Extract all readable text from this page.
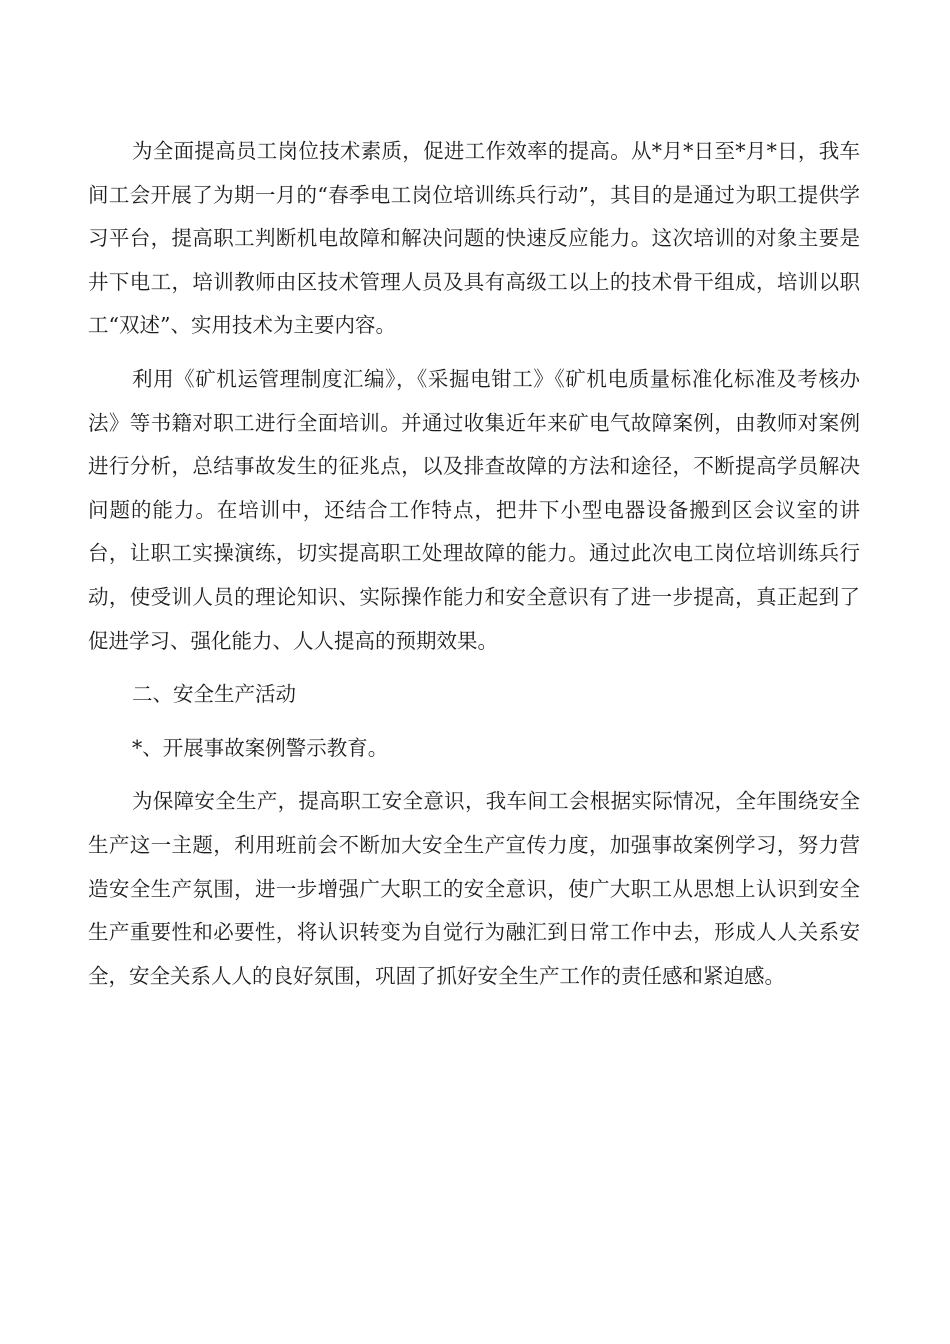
为全面提高员工岗位技术素质，促进工作效率的提高。从*月*日至*月*日，我车间工会开展了为期一月的“春季电工岗位培训练兵行动”，其目的是通过为职工提供学习平台，提高职工判断机电故障和解决问题的快速反应能力。这次培训的对象主要是井下电工，培训教师由区技术管理人员及具有高级工以上的技术骨干组成，培训以职工“双述”、实用技术为主要内容。

利用《矿机运管理制度汇编》，《采掘电钳工》《矿机电质量标准化标准及考核办法》等书籍对职工进行全面培训。并通过收集近年来矿电气故障案例，由教师对案例进行分析，总结事故发生的征兆点，以及排查故障的方法和途径，不断提高学员解决问题的能力。在培训中，还结合工作特点，把井下小型电器设备搬到区会议室的讲台，让职工实操演练，切实提高职工处理故障的能力。通过此次电工岗位培训练兵行动，使受训人员的理论知识、实际操作能力和安全意识有了进一步提高，真正起到了促进学习、强化能力、人人提高的预期效果。

二、安全生产活动

*、开展事故案例警示教育。

为保障安全生产，提高职工安全意识，我车间工会根据实际情况，全年围绕安全生产这一主题，利用班前会不断加大安全生产宣传力度，加强事故案例学习，努力营造安全生产氛围，进一步增强广大职工的安全意识，使广大职工从思想上认识到安全生产重要性和必要性，将认识转变为自觉行为融汇到日常工作中去，形成人人关系安全，安全关系人人的良好氛围，巩固了抓好安全生产工作的责任感和紧迫感。
